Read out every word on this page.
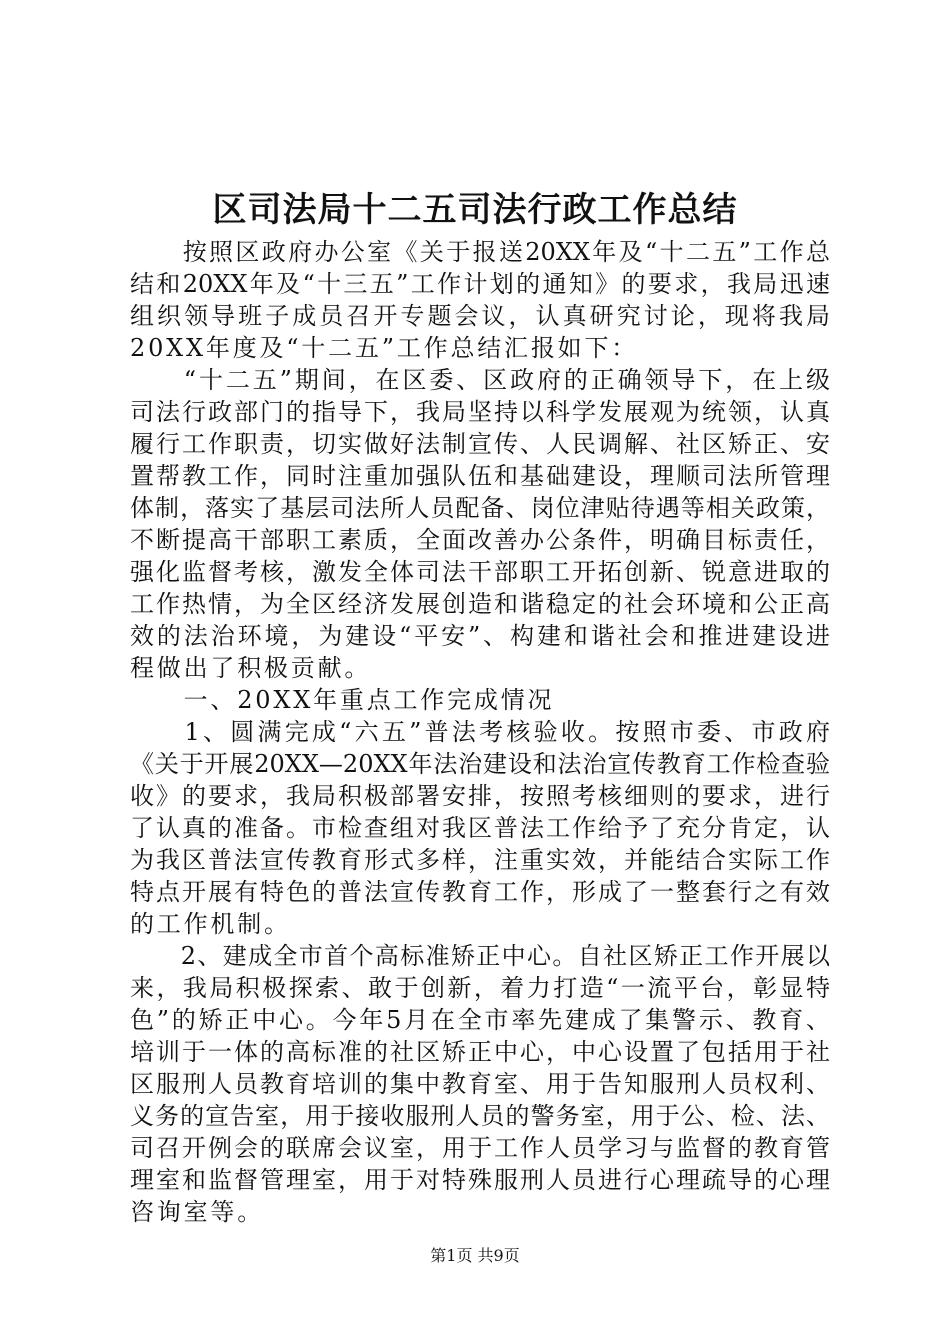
区司法局十二五司法行政工作总结

　　按照区政府办公室《关于报送20XX年及“十二五”工作总

结和20XX年及“十三五”工作计划的通知》的要求，我局迅速

组织领导班子成员召开专题会议，认真研究讨论，现将我局

20XX年度及“十二五”工作总结汇报如下：

　　“十二五”期间，在区委、区政府的正确领导下，在上级

司法行政部门的指导下，我局坚持以科学发展观为统领，认真

履行工作职责，切实做好法制宣传、人民调解、社区矫正、安

置帮教工作，同时注重加强队伍和基础建设，理顺司法所管理

体制，落实了基层司法所人员配备、岗位津贴待遇等相关政策，

不断提高干部职工素质，全面改善办公条件，明确目标责任，

强化监督考核，激发全体司法干部职工开拓创新、锐意进取的

工作热情，为全区经济发展创造和谐稳定的社会环境和公正高

效的法治环境，为建设“平安”、构建和谐社会和推进建设进

程做出了积极贡献。

　　一、20XX年重点工作完成情况

　　1、圆满完成“六五”普法考核验收。按照市委、市政府

《关于开展20XX—20XX年法治建设和法治宣传教育工作检查验

收》的要求，我局积极部署安排，按照考核细则的要求，进行

了认真的准备。市检查组对我区普法工作给予了充分肯定，认

为我区普法宣传教育形式多样，注重实效，并能结合实际工作

特点开展有特色的普法宣传教育工作，形成了一整套行之有效

的工作机制。

　　2、建成全市首个高标准矫正中心。自社区矫正工作开展以

来，我局积极探索、敢于创新，着力打造“一流平台，彰显特

色”的矫正中心。今年5月在全市率先建成了集警示、教育、

培训于一体的高标准的社区矫正中心，中心设置了包括用于社

区服刑人员教育培训的集中教育室、用于告知服刑人员权利、

义务的宣告室，用于接收服刑人员的警务室，用于公、检、法、

司召开例会的联席会议室，用于工作人员学习与监督的教育管

理室和监督管理室，用于对特殊服刑人员进行心理疏导的心理

咨询室等。

第1页 共9页
